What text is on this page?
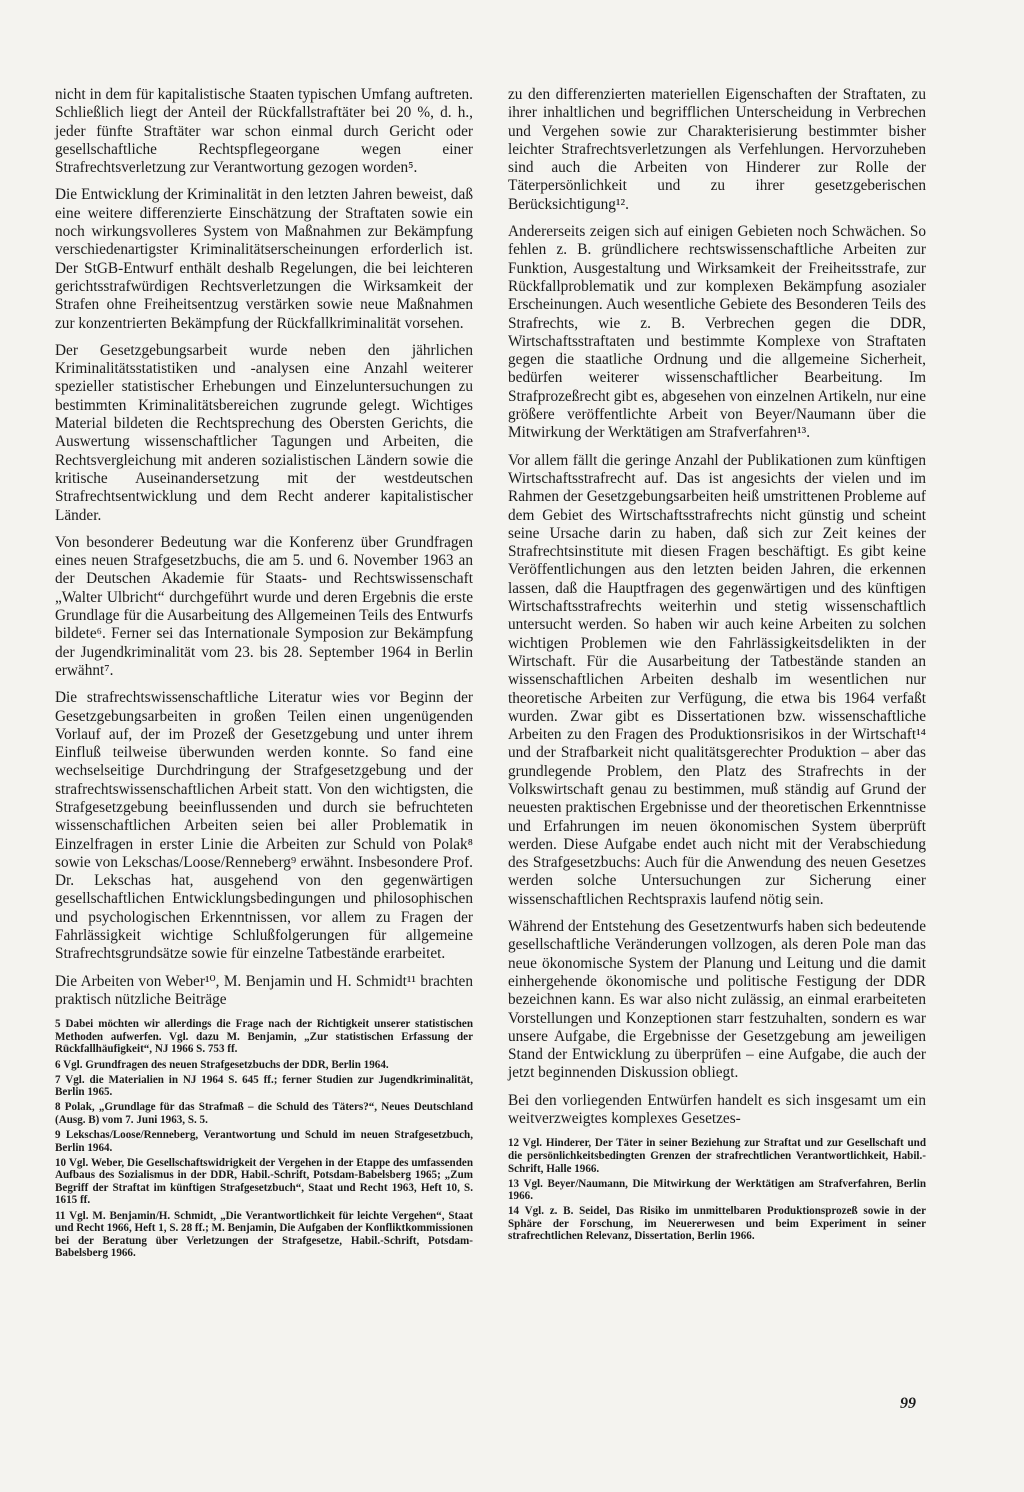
nicht in dem für kapitalistische Staaten typischen Umfang auftreten. Schließlich liegt der Anteil der Rückfallstraftäter bei 20 %, d. h., jeder fünfte Straftäter war schon einmal durch Gericht oder gesellschaftliche Rechtspflegeorgane wegen einer Strafrechtsverletzung zur Verantwortung gezogen worden⁵.

Die Entwicklung der Kriminalität in den letzten Jahren beweist, daß eine weitere differenzierte Einschätzung der Straftaten sowie ein noch wirkungsvolleres System von Maßnahmen zur Bekämpfung verschiedenartigster Kriminalitätserscheinungen erforderlich ist. Der StGB-Entwurf enthält deshalb Regelungen, die bei leichteren gerichtsstrafwürdigen Rechtsverletzungen die Wirksamkeit der Strafen ohne Freiheitsentzug verstärken sowie neue Maßnahmen zur konzentrierten Bekämpfung der Rückfallkriminalität vorsehen.

Der Gesetzgebungsarbeit wurde neben den jährlichen Kriminalitätsstatistiken und -analysen eine Anzahl weiterer spezieller statistischer Erhebungen und Einzeluntersuchungen zu bestimmten Kriminalitätsbereichen zugrunde gelegt. Wichtiges Material bildeten die Rechtsprechung des Obersten Gerichts, die Auswertung wissenschaftlicher Tagungen und Arbeiten, die Rechtsvergleichung mit anderen sozialistischen Ländern sowie die kritische Auseinandersetzung mit der westdeutschen Strafrechtsentwicklung und dem Recht anderer kapitalistischer Länder.

Von besonderer Bedeutung war die Konferenz über Grundfragen eines neuen Strafgesetzbuchs, die am 5. und 6. November 1963 an der Deutschen Akademie für Staats- und Rechtswissenschaft „Walter Ulbricht“ durchgeführt wurde und deren Ergebnis die erste Grundlage für die Ausarbeitung des Allgemeinen Teils des Entwurfs bildete⁶. Ferner sei das Internationale Symposion zur Bekämpfung der Jugendkriminalität vom 23. bis 28. September 1964 in Berlin erwähnt⁷.

Die strafrechtswissenschaftliche Literatur wies vor Beginn der Gesetzgebungsarbeiten in großen Teilen einen ungenügenden Vorlauf auf, der im Prozeß der Gesetzgebung und unter ihrem Einfluß teilweise überwunden werden konnte. So fand eine wechselseitige Durchdringung der Strafgesetzgebung und der strafrechtswissenschaftlichen Arbeit statt. Von den wichtigsten, die Strafgesetzgebung beeinflussenden und durch sie befruchteten wissenschaftlichen Arbeiten seien bei aller Problematik in Einzelfragen in erster Linie die Arbeiten zur Schuld von Polak⁸ sowie von Lekschas/Loose/Renneberg⁹ erwähnt. Insbesondere Prof. Dr. Lekschas hat, ausgehend von den gegenwärtigen gesellschaftlichen Entwicklungsbedingungen und philosophischen und psychologischen Erkenntnissen, vor allem zu Fragen der Fahrlässigkeit wichtige Schlußfolgerungen für allgemeine Strafrechtsgrundsätze sowie für einzelne Tatbestände erarbeitet.

Die Arbeiten von Weber¹⁰, M. Benjamin und H. Schmidt¹¹ brachten praktisch nützliche Beiträge

5 Dabei möchten wir allerdings die Frage nach der Richtigkeit unserer statistischen Methoden aufwerfen. Vgl. dazu M. Benjamin, „Zur statistischen Erfassung der Rückfallhäufigkeit“, NJ 1966 S. 753 ff.

6 Vgl. Grundfragen des neuen Strafgesetzbuchs der DDR, Berlin 1964.

7 Vgl. die Materialien in NJ 1964 S. 645 ff.; ferner Studien zur Jugendkriminalität, Berlin 1965.

8 Polak, „Grundlage für das Strafmaß – die Schuld des Täters?“, Neues Deutschland (Ausg. B) vom 7. Juni 1963, S. 5.

9 Lekschas/Loose/Renneberg, Verantwortung und Schuld im neuen Strafgesetzbuch, Berlin 1964.

10 Vgl. Weber, Die Gesellschaftswidrigkeit der Vergehen in der Etappe des umfassenden Aufbaus des Sozialismus in der DDR, Habil.-Schrift, Potsdam-Babelsberg 1965; „Zum Begriff der Straftat im künftigen Strafgesetzbuch“, Staat und Recht 1963, Heft 10, S. 1615 ff.

11 Vgl. M. Benjamin/H. Schmidt, „Die Verantwortlichkeit für leichte Vergehen“, Staat und Recht 1966, Heft 1, S. 28 ff.; M. Benjamin, Die Aufgaben der Konfliktkommissionen bei der Beratung über Verletzungen der Strafgesetze, Habil.-Schrift, Potsdam-Babelsberg 1966.

zu den differenzierten materiellen Eigenschaften der Straftaten, zu ihrer inhaltlichen und begrifflichen Unterscheidung in Verbrechen und Vergehen sowie zur Charakterisierung bestimmter bisher leichter Strafrechtsverletzungen als Verfehlungen. Hervorzuheben sind auch die Arbeiten von Hinderer zur Rolle der Täterpersönlichkeit und zu ihrer gesetzgeberischen Berücksichtigung¹².

Andererseits zeigen sich auf einigen Gebieten noch Schwächen. So fehlen z. B. gründlichere rechtswissenschaftliche Arbeiten zur Funktion, Ausgestaltung und Wirksamkeit der Freiheitsstrafe, zur Rückfallproblematik und zur komplexen Bekämpfung asozialer Erscheinungen. Auch wesentliche Gebiete des Besonderen Teils des Strafrechts, wie z. B. Verbrechen gegen die DDR, Wirtschaftsstraftaten und bestimmte Komplexe von Straftaten gegen die staatliche Ordnung und die allgemeine Sicherheit, bedürfen weiterer wissenschaftlicher Bearbeitung. Im Strafprozeßrecht gibt es, abgesehen von einzelnen Artikeln, nur eine größere veröffentlichte Arbeit von Beyer/Naumann über die Mitwirkung der Werktätigen am Strafverfahren¹³.

Vor allem fällt die geringe Anzahl der Publikationen zum künftigen Wirtschaftsstrafrecht auf. Das ist angesichts der vielen und im Rahmen der Gesetzgebungsarbeiten heiß umstrittenen Probleme auf dem Gebiet des Wirtschaftsstrafrechts nicht günstig und scheint seine Ursache darin zu haben, daß sich zur Zeit keines der Strafrechtsinstitute mit diesen Fragen beschäftigt. Es gibt keine Veröffentlichungen aus den letzten beiden Jahren, die erkennen lassen, daß die Hauptfragen des gegenwärtigen und des künftigen Wirtschaftsstrafrechts weiterhin und stetig wissenschaftlich untersucht werden. So haben wir auch keine Arbeiten zu solchen wichtigen Problemen wie den Fahrlässigkeitsdelikten in der Wirtschaft. Für die Ausarbeitung der Tatbestände standen an wissenschaftlichen Arbeiten deshalb im wesentlichen nur theoretische Arbeiten zur Verfügung, die etwa bis 1964 verfaßt wurden. Zwar gibt es Dissertationen bzw. wissenschaftliche Arbeiten zu den Fragen des Produktionsrisikos in der Wirtschaft¹⁴ und der Strafbarkeit nicht qualitätsgerechter Produktion – aber das grundlegende Problem, den Platz des Strafrechts in der Volkswirtschaft genau zu bestimmen, muß ständig auf Grund der neuesten praktischen Ergebnisse und der theoretischen Erkenntnisse und Erfahrungen im neuen ökonomischen System überprüft werden. Diese Aufgabe endet auch nicht mit der Verabschiedung des Strafgesetzbuchs: Auch für die Anwendung des neuen Gesetzes werden solche Untersuchungen zur Sicherung einer wissenschaftlichen Rechtspraxis laufend nötig sein.

Während der Entstehung des Gesetzentwurfs haben sich bedeutende gesellschaftliche Veränderungen vollzogen, als deren Pole man das neue ökonomische System der Planung und Leitung und die damit einhergehende ökonomische und politische Festigung der DDR bezeichnen kann. Es war also nicht zulässig, an einmal erarbeiteten Vorstellungen und Konzeptionen starr festzuhalten, sondern es war unsere Aufgabe, die Ergebnisse der Gesetzgebung am jeweiligen Stand der Entwicklung zu überprüfen – eine Aufgabe, die auch der jetzt beginnenden Diskussion obliegt.

Bei den vorliegenden Entwürfen handelt es sich insgesamt um ein weitverzweigtes komplexes Gesetzes-

12 Vgl. Hinderer, Der Täter in seiner Beziehung zur Straftat und zur Gesellschaft und die persönlichkeitsbedingten Grenzen der strafrechtlichen Verantwortlichkeit, Habil.-Schrift, Halle 1966.

13 Vgl. Beyer/Naumann, Die Mitwirkung der Werktätigen am Strafverfahren, Berlin 1966.

14 Vgl. z. B. Seidel, Das Risiko im unmittelbaren Produktionsprozeß sowie in der Sphäre der Forschung, im Neuererwesen und beim Experiment in seiner strafrechtlichen Relevanz, Dissertation, Berlin 1966.

99
